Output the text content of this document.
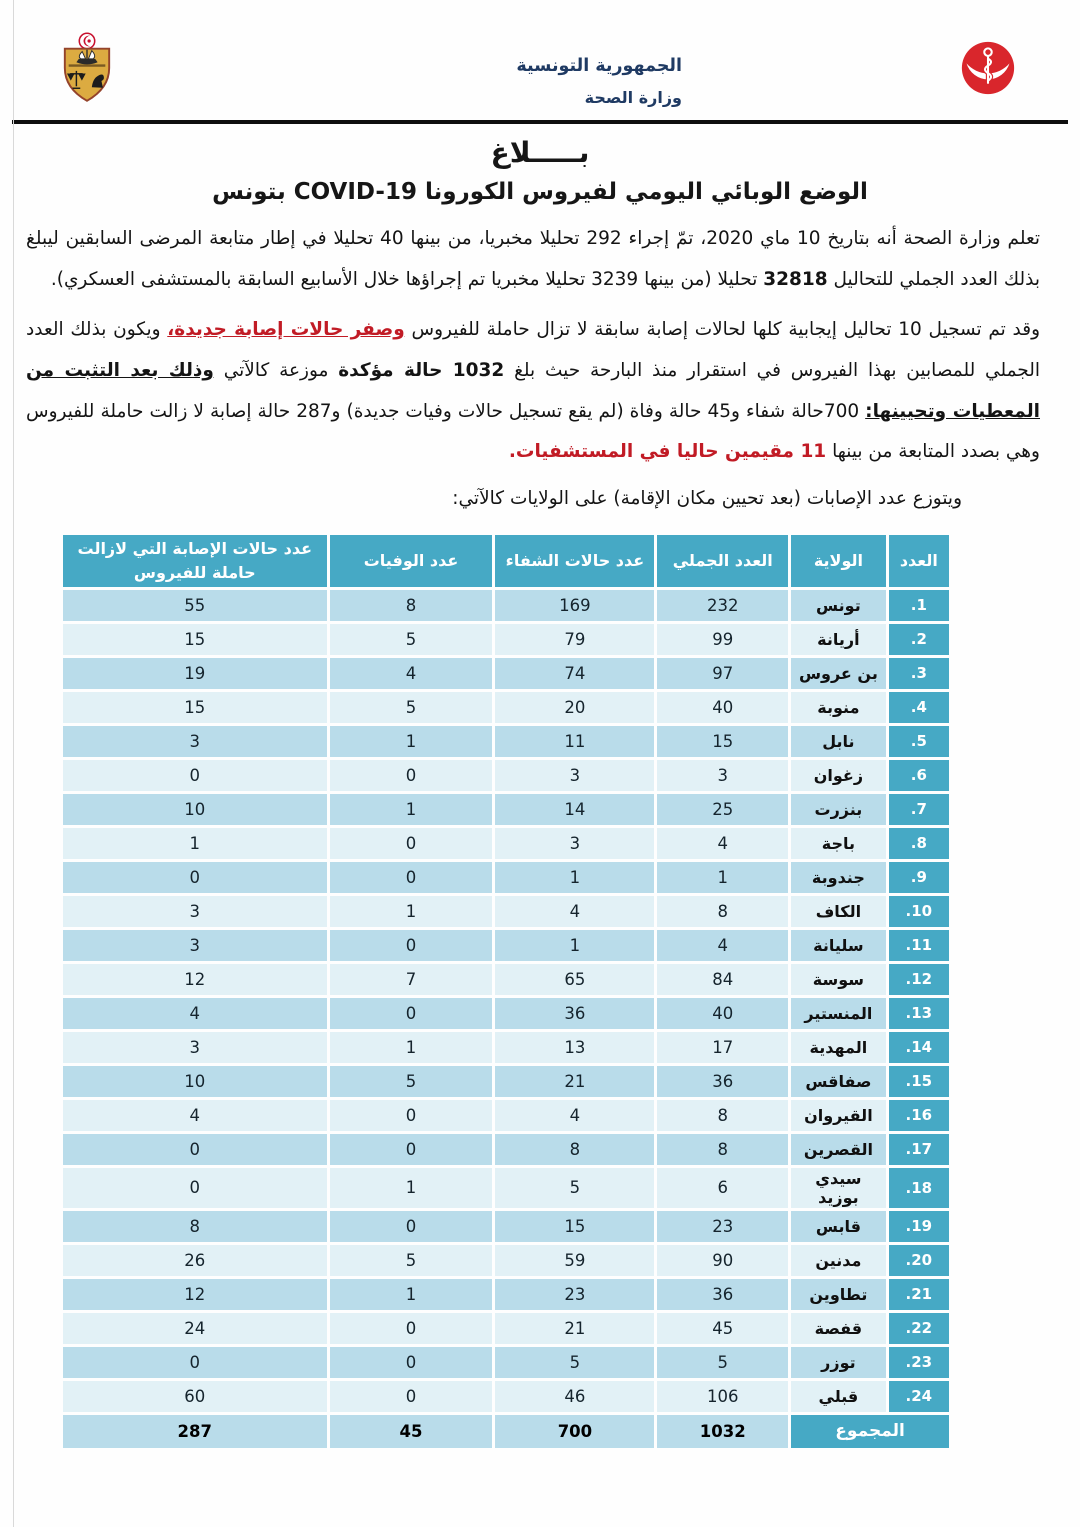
الجمهورية التونسية
وزارة الصحة
بـــــلاغ
الوضع الوبائي اليومي لفيروس الكورونا COVID-19 بتونس

تعلم وزارة الصحة أنه بتاريخ 10 ماي 2020، تمّ إجراء 292 تحليلا مخبريا، من بينها 40 تحليلا في إطار متابعة المرضى السابقين ليبلغ بذلك العدد الجملي للتحاليل 32818 تحليلا (من بينها 3239 تحليلا مخبريا تم إجراؤها خلال الأسابيع السابقة بالمستشفى العسكري).

وقد تم تسجيل 10 تحاليل إيجابية كلها لحالات إصابة سابقة لا تزال حاملة للفيروس وصفر حالات إصابة جديدة، ويكون بذلك العدد الجملي للمصابين بهذا الفيروس في استقرار منذ البارحة حيث بلغ 1032 حالة مؤكدة موزعة كالآتي وذلك بعد التثبت من المعطيات وتحيينها: 700حالة شفاء و45 حالة وفاة (لم يقع تسجيل حالات وفيات جديدة) و287 حالة إصابة لا زالت حاملة للفيروس وهي بصدد المتابعة من بينها 11 مقيمين حاليا في المستشفيات.

ويتوزع عدد الإصابات (بعد تحيين مكان الإقامة) على الولايات كالآتي:

العدد	الولاية	العدد الجملي	عدد حالات الشفاء	عدد الوفيات	عدد حالات الإصابة التي لازالت حاملة للفيروس
1.	تونس	232	169	8	55
2.	أريانة	99	79	5	15
3.	بن عروس	97	74	4	19
4.	منوبة	40	20	5	15
5.	نابل	15	11	1	3
6.	زغوان	3	3	0	0
7.	بنزرت	25	14	1	10
8.	باجة	4	3	0	1
9.	جندوبة	1	1	0	0
10.	الكاف	8	4	1	3
11.	سليانة	4	1	0	3
12.	سوسة	84	65	7	12
13.	المنستير	40	36	0	4
14.	المهدية	17	13	1	3
15.	صفاقس	36	21	5	10
16.	القيروان	8	4	0	4
17.	القصرين	8	8	0	0
18.	سيدي بوزيد	6	5	1	0
19.	قابس	23	15	0	8
20.	مدنين	90	59	5	26
21.	تطاوين	36	23	1	12
22.	قفصة	45	21	0	24
23.	توزر	5	5	0	0
24.	قبلي	106	46	0	60
المجموع		1032	700	45	287
